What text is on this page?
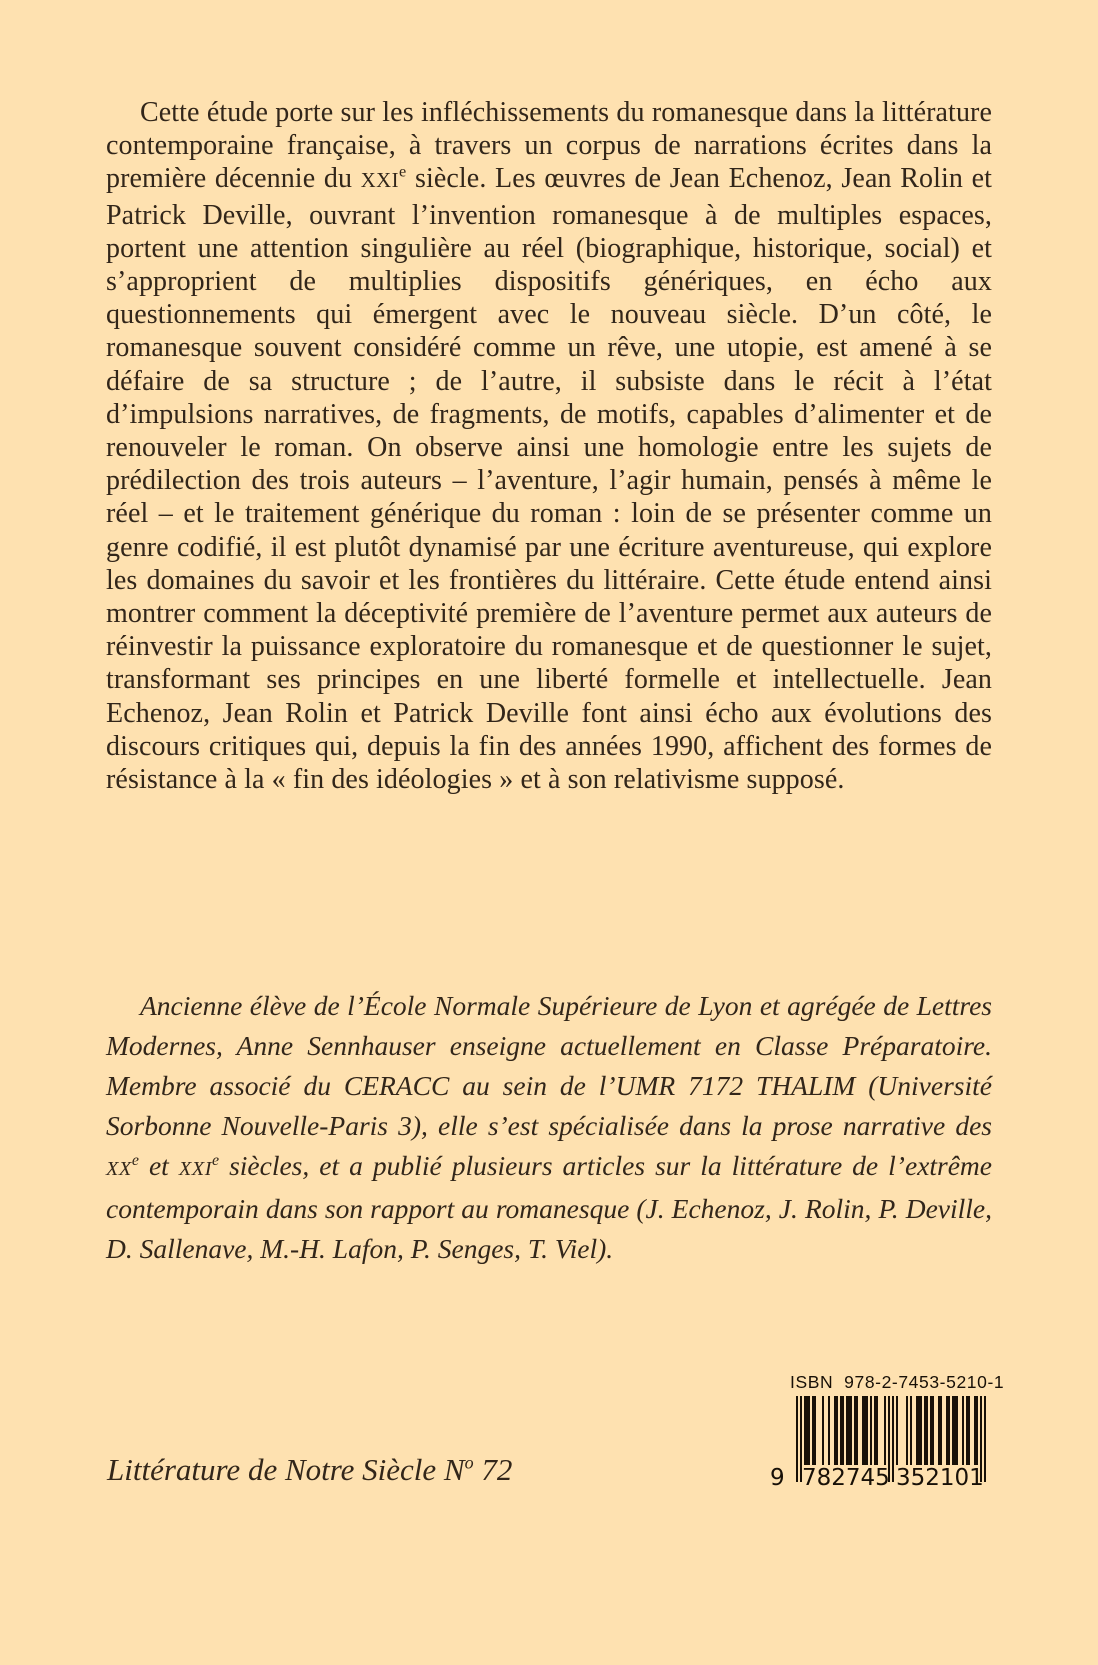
Cette étude porte sur les infléchissements du romanesque dans la littérature contemporaine française, à travers un corpus de narrations écrites dans la première décennie du XXIe siècle. Les œuvres de Jean Echenoz, Jean Rolin et Patrick Deville, ouvrant l’invention romanesque à de multiples espaces, portent une attention singulière au réel (biographique, historique, social) et s’approprient de multiplies dispositifs génériques, en écho aux questionnements qui émergent avec le nouveau siècle. D’un côté, le romanesque souvent considéré comme un rêve, une utopie, est amené à se défaire de sa structure ; de l’autre, il subsiste dans le récit à l’état d’impulsions narratives, de fragments, de motifs, capables d’alimenter et de renouveler le roman. On observe ainsi une homologie entre les sujets de prédilection des trois auteurs – l’aventure, l’agir humain, pensés à même le réel – et le traitement générique du roman : loin de se présenter comme un genre codifié, il est plutôt dynamisé par une écriture aventureuse, qui explore les domaines du savoir et les frontières du littéraire. Cette étude entend ainsi montrer comment la déceptivité première de l’aventure permet aux auteurs de réinvestir la puissance exploratoire du romanesque et de questionner le sujet, transformant ses principes en une liberté formelle et intellectuelle. Jean Echenoz, Jean Rolin et Patrick Deville font ainsi écho aux évolutions des discours critiques qui, depuis la fin des années 1990, affichent des formes de résistance à la « fin des idéologies » et à son relativisme supposé.

Ancienne élève de l’École Normale Supérieure de Lyon et agrégée de Lettres Modernes, Anne Sennhauser enseigne actuellement en Classe Préparatoire. Membre associé du CERACC au sein de l’UMR 7172 THALIM (Université Sorbonne Nouvelle-Paris 3), elle s’est spécialisée dans la prose narrative des XXe et XXIe siècles, et a publié plusieurs articles sur la littérature de l’extrême contemporain dans son rapport au romanesque (J. Echenoz, J. Rolin, P. Deville, D. Sallenave, M.-H. Lafon, P. Senges, T. Viel).

Littérature de Notre Siècle $N^o$ 72
ISBN  978-2-7453-5210-1
9 782745 352101
